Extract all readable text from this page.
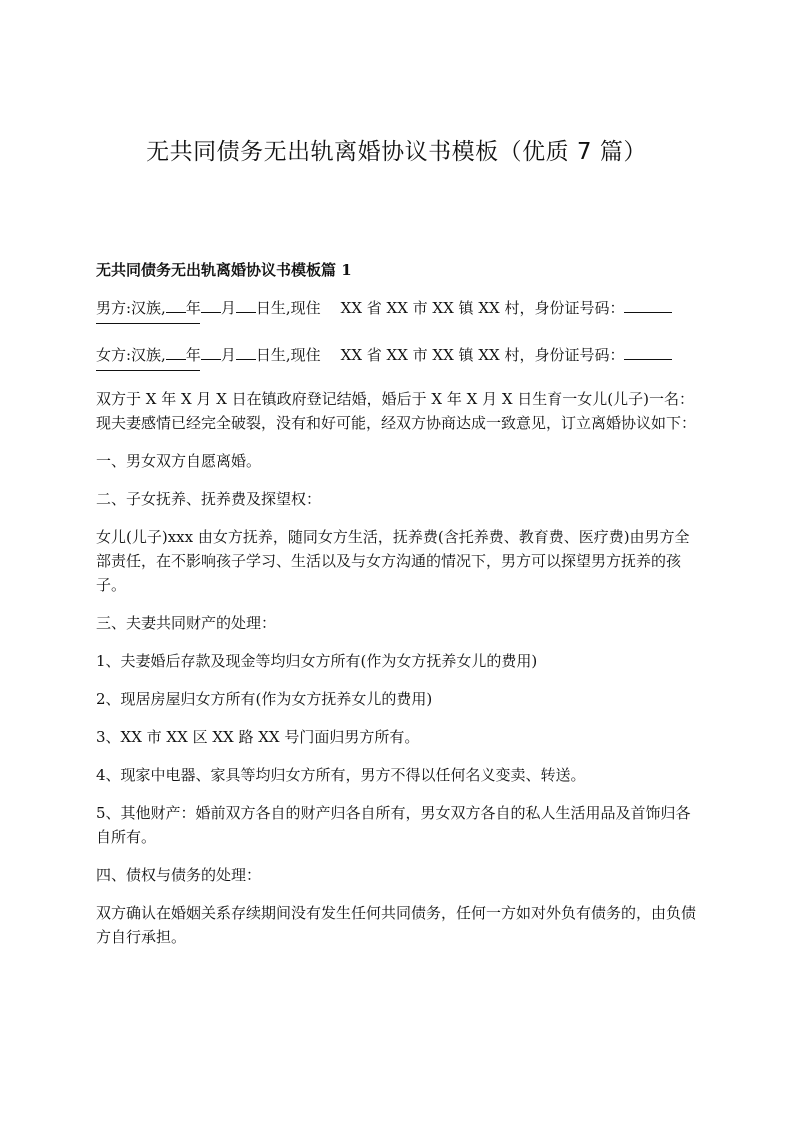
无共同债务无出轨离婚协议书模板（优质 7 篇）
无共同债务无出轨离婚协议书模板篇 1
男方:汉族, 年 月 日生,现住 XX 省 XX 市 XX 镇 XX 村，身份证号码：
女方:汉族, 年 月 日生,现住 XX 省 XX 市 XX 镇 XX 村，身份证号码：

双方于 X 年 X 月 X 日在镇政府登记结婚，婚后于 X 年 X 月 X 日生育一女儿(儿子)一名：现夫妻感情已经完全破裂，没有和好可能，经双方协商达成一致意见，订立离婚协议如下：

一、男女双方自愿离婚。

二、子女抚养、抚养费及探望权：

女儿(儿子)xxx 由女方抚养，随同女方生活，抚养费(含托养费、教育费、医疗费)由男方全部责任，在不影响孩子学习、生活以及与女方沟通的情况下，男方可以探望男方抚养的孩子。

三、夫妻共同财产的处理：

1、夫妻婚后存款及现金等均归女方所有(作为女方抚养女儿的费用)

2、现居房屋归女方所有(作为女方抚养女儿的费用)

3、XX 市 XX 区 XX 路 XX 号门面归男方所有。

4、现家中电器、家具等均归女方所有，男方不得以任何名义变卖、转送。

5、其他财产：婚前双方各自的财产归各自所有，男女双方各自的私人生活用品及首饰归各自所有。

四、债权与债务的处理：

双方确认在婚姻关系存续期间没有发生任何共同债务，任何一方如对外负有债务的，由负债方自行承担。
